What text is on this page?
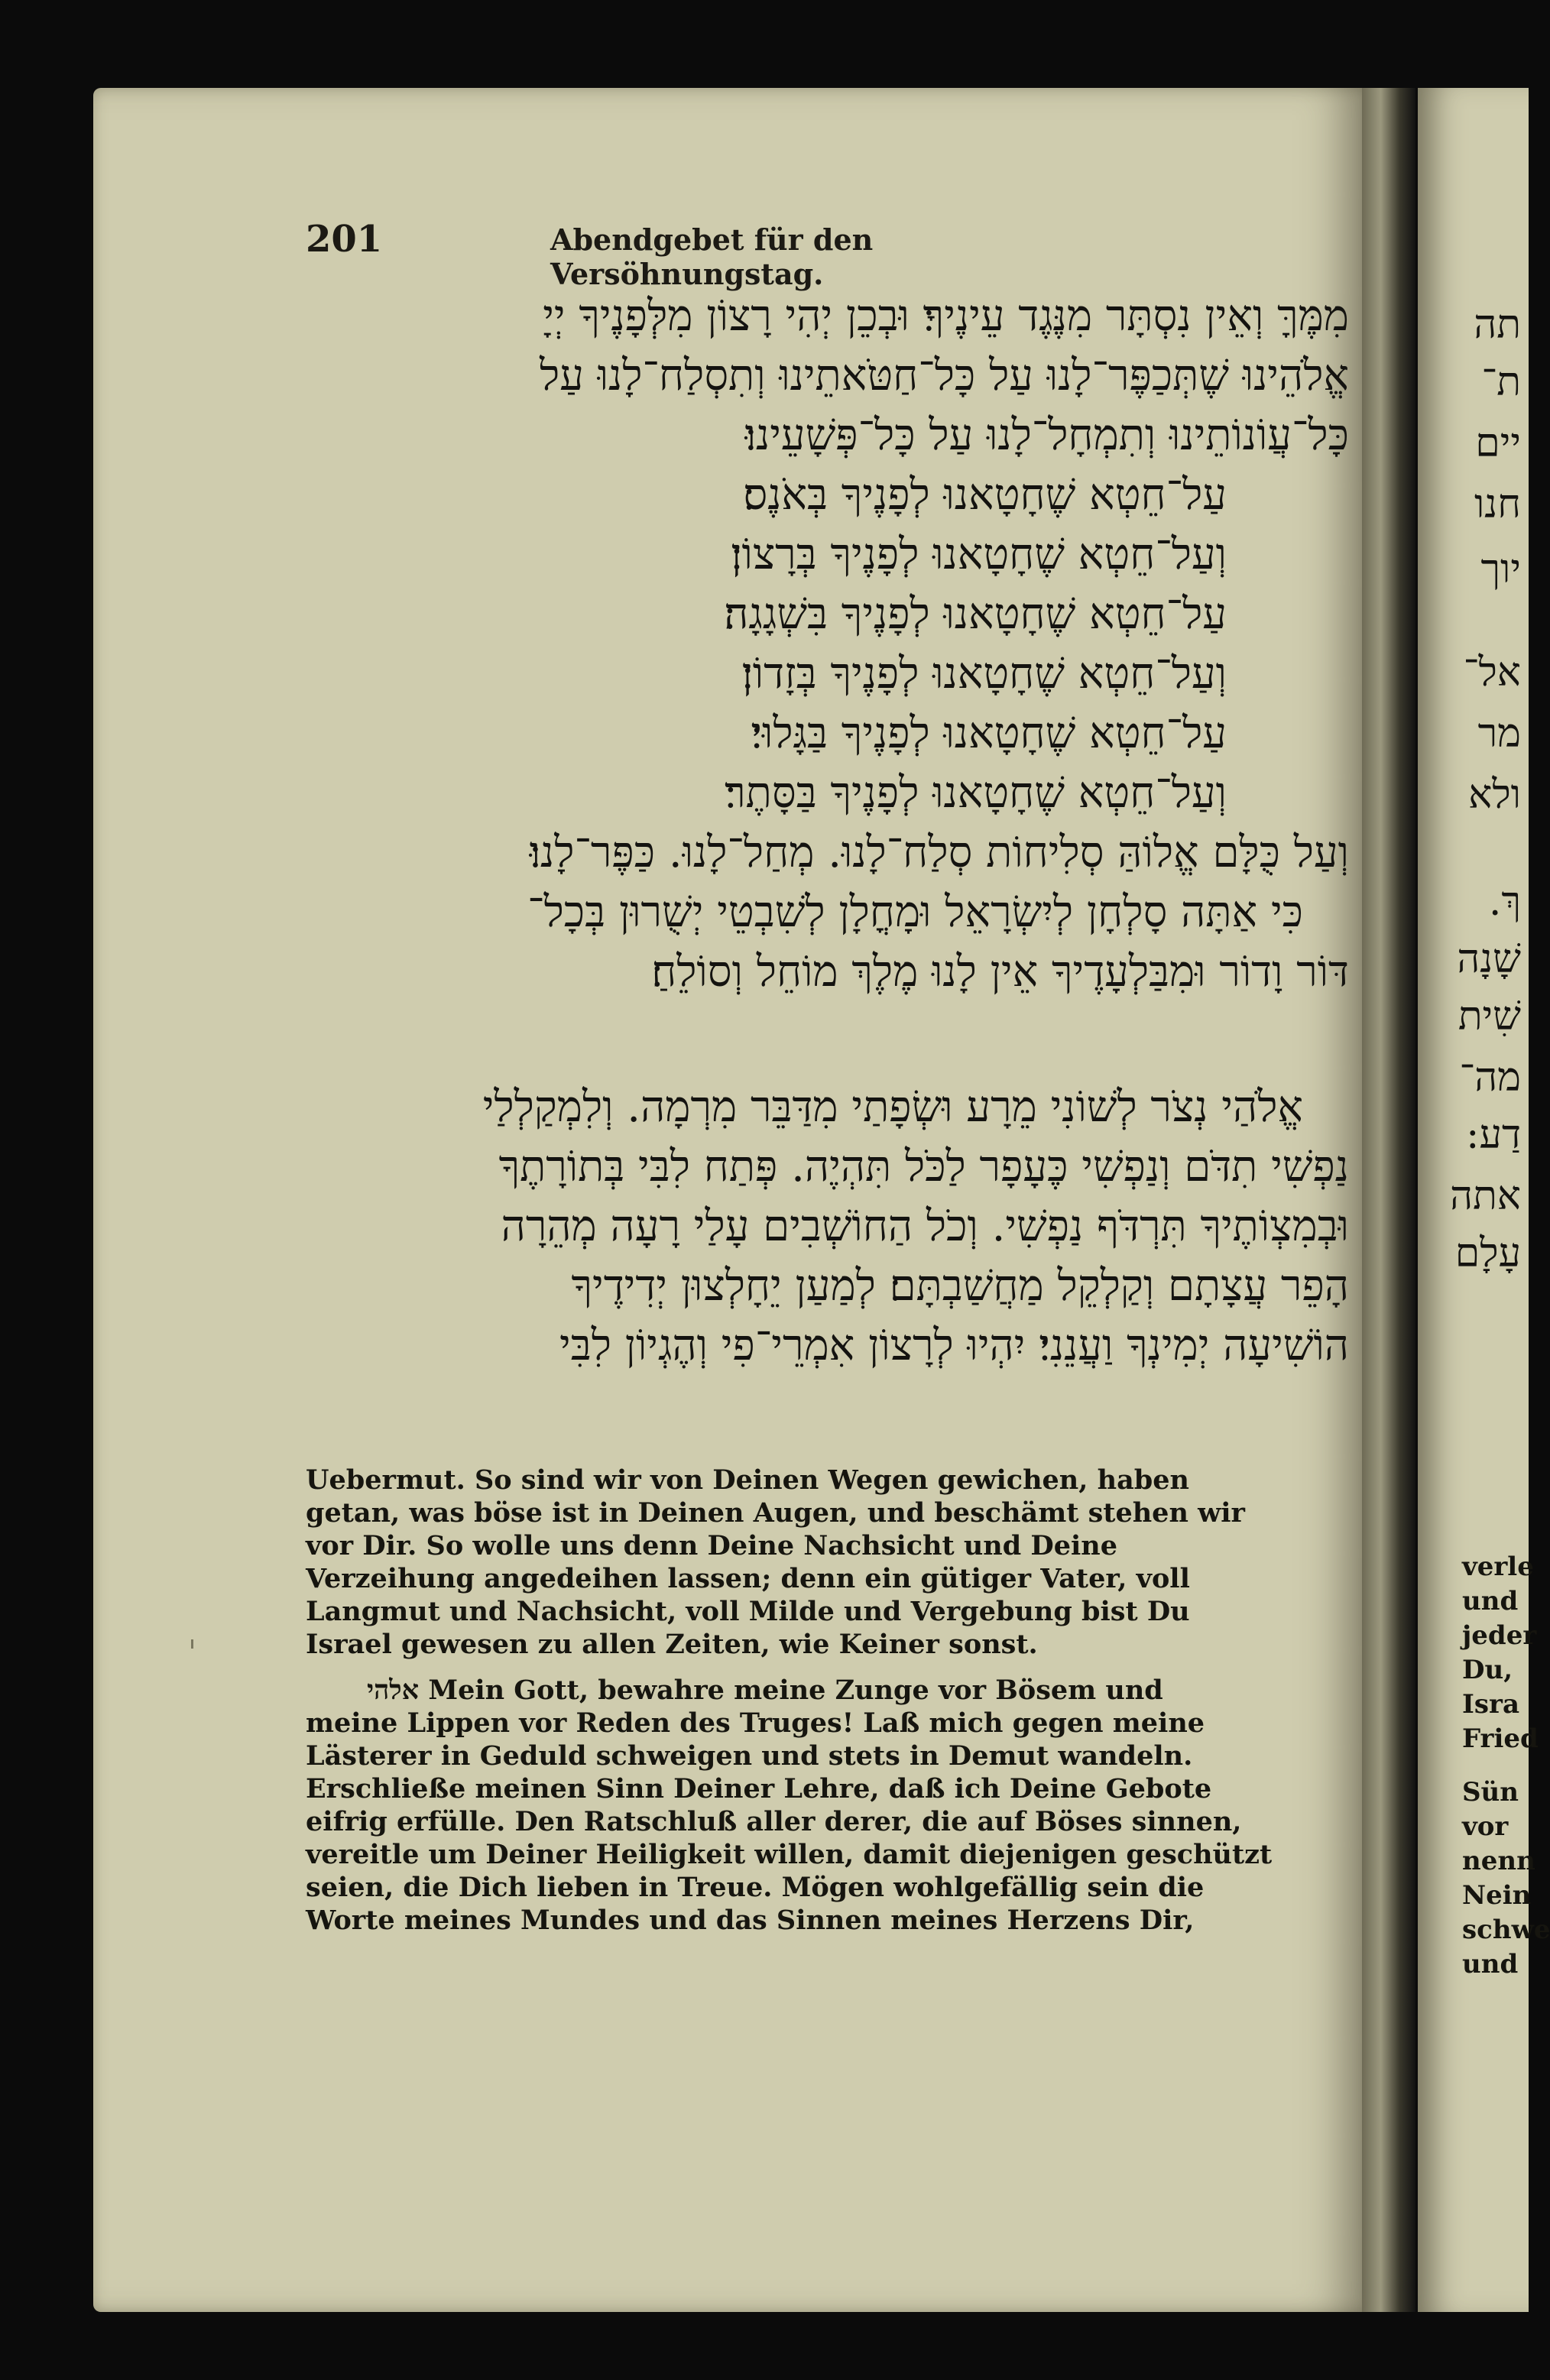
תה
ת־
יים
חנו
יוך
אל־
מר
ולא
ךְ.
שָׁנָה
שִׁית
מה־
דַע:
אתה
עָלָם
verle
und
jeder
Du,
Isra
Fried
Sün
vor
nenn
Nein
schwe
und
201	Abendgebet für den Versöhnungstag.
מִמֶּךָּ וְאֵין נִסְתָּר מִנֶּגֶד עֵינֶיךָ׃ וּבְכֵן יְהִי רָצוֹן מִלְּפָנֶיךָ יְיָ
אֱלֹהֵינוּ שֶׁתְּכַפֶּר־לָנוּ עַל כָּל־חַטֹּאתֵינוּ וְתִסְלַח־לָנוּ עַל
כָּל־עֲוֹנוֹתֵינוּ וְתִמְחָל־לָנוּ עַל כָּל־פְּשָׁעֵינוּ׃
עַל־חֵטְא שֶׁחָטָאנוּ לְפָנֶיךָ בְּאֹנֶס׃
וְעַל־חֵטְא שֶׁחָטָאנוּ לְפָנֶיךָ בְּרָצוֹן׃
עַל־חֵטְא שֶׁחָטָאנוּ לְפָנֶיךָ בִּשְׁגָגָה׃
וְעַל־חֵטְא שֶׁחָטָאנוּ לְפָנֶיךָ בְּזָדוֹן׃
עַל־חֵטְא שֶׁחָטָאנוּ לְפָנֶיךָ בַּגָּלוּי׃
וְעַל־חֵטְא שֶׁחָטָאנוּ לְפָנֶיךָ בַּסָּתֶר׃
וְעַל כֻּלָּם אֱלוֹהַּ סְלִיחוֹת סְלַח־לָנוּ. מְחַל־לָנוּ. כַּפֶּר־לָנוּ׃
כִּי אַתָּה סָלְחָן לְיִשְׂרָאֵל וּמָחֳלָן לְשִׁבְטֵי יְשֻׁרוּן בְּכָל־
דּוֹר וָדוֹר וּמִבַּלְעָדֶיךָ אֵין לָנוּ מֶלֶךְ מוֹחֵל וְסוֹלֵחַ׃
אֱלֹהַי נְצֹר לְשׁוֹנִי מֵרָע וּשְׂפָתַי מִדַּבֵּר מִרְמָה. וְלִמְקַלְלַי
נַפְשִׁי תִדֹּם וְנַפְשִׁי כֶּעָפָר לַכֹּל תִּהְיֶה. פְּתַח לִבִּי בְּתוֹרָתֶךָ
וּבְמִצְוֹתֶיךָ תִּרְדֹּף נַפְשִׁי. וְכֹל הַחוֹשְׁבִים עָלַי רָעָה מְהֵרָה
הָפֵר עֲצָתָם וְקַלְקֵל מַחֲשַׁבְתָּם׃ לְמַעַן יֵחָלְצוּן יְדִידֶיךָ
הוֹשִׁיעָה יְמִינְךָ וַעֲנֵנִי׃ יִהְיוּ לְרָצוֹן אִמְרֵי־פִי וְהֶגְיוֹן לִבִּי
Uebermut. So sind wir von Deinen Wegen gewichen, haben
getan, was böse ist in Deinen Augen, und beschämt stehen wir
vor Dir. So wolle uns denn Deine Nachsicht und Deine
Verzeihung angedeihen lassen; denn ein gütiger Vater, voll
Langmut und Nachsicht, voll Milde und Vergebung bist Du
Israel gewesen zu allen Zeiten, wie Keiner sonst.
אלהי Mein Gott, bewahre meine Zunge vor Bösem und
meine Lippen vor Reden des Truges! Laß mich gegen meine
Lästerer in Geduld schweigen und stets in Demut wandeln.
Erschließe meinen Sinn Deiner Lehre, daß ich Deine Gebote
eifrig erfülle. Den Ratschluß aller derer, die auf Böses sinnen,
vereitle um Deiner Heiligkeit willen, damit diejenigen geschützt
seien, die Dich lieben in Treue. Mögen wohlgefällig sein die
Worte meines Mundes und das Sinnen meines Herzens Dir,
